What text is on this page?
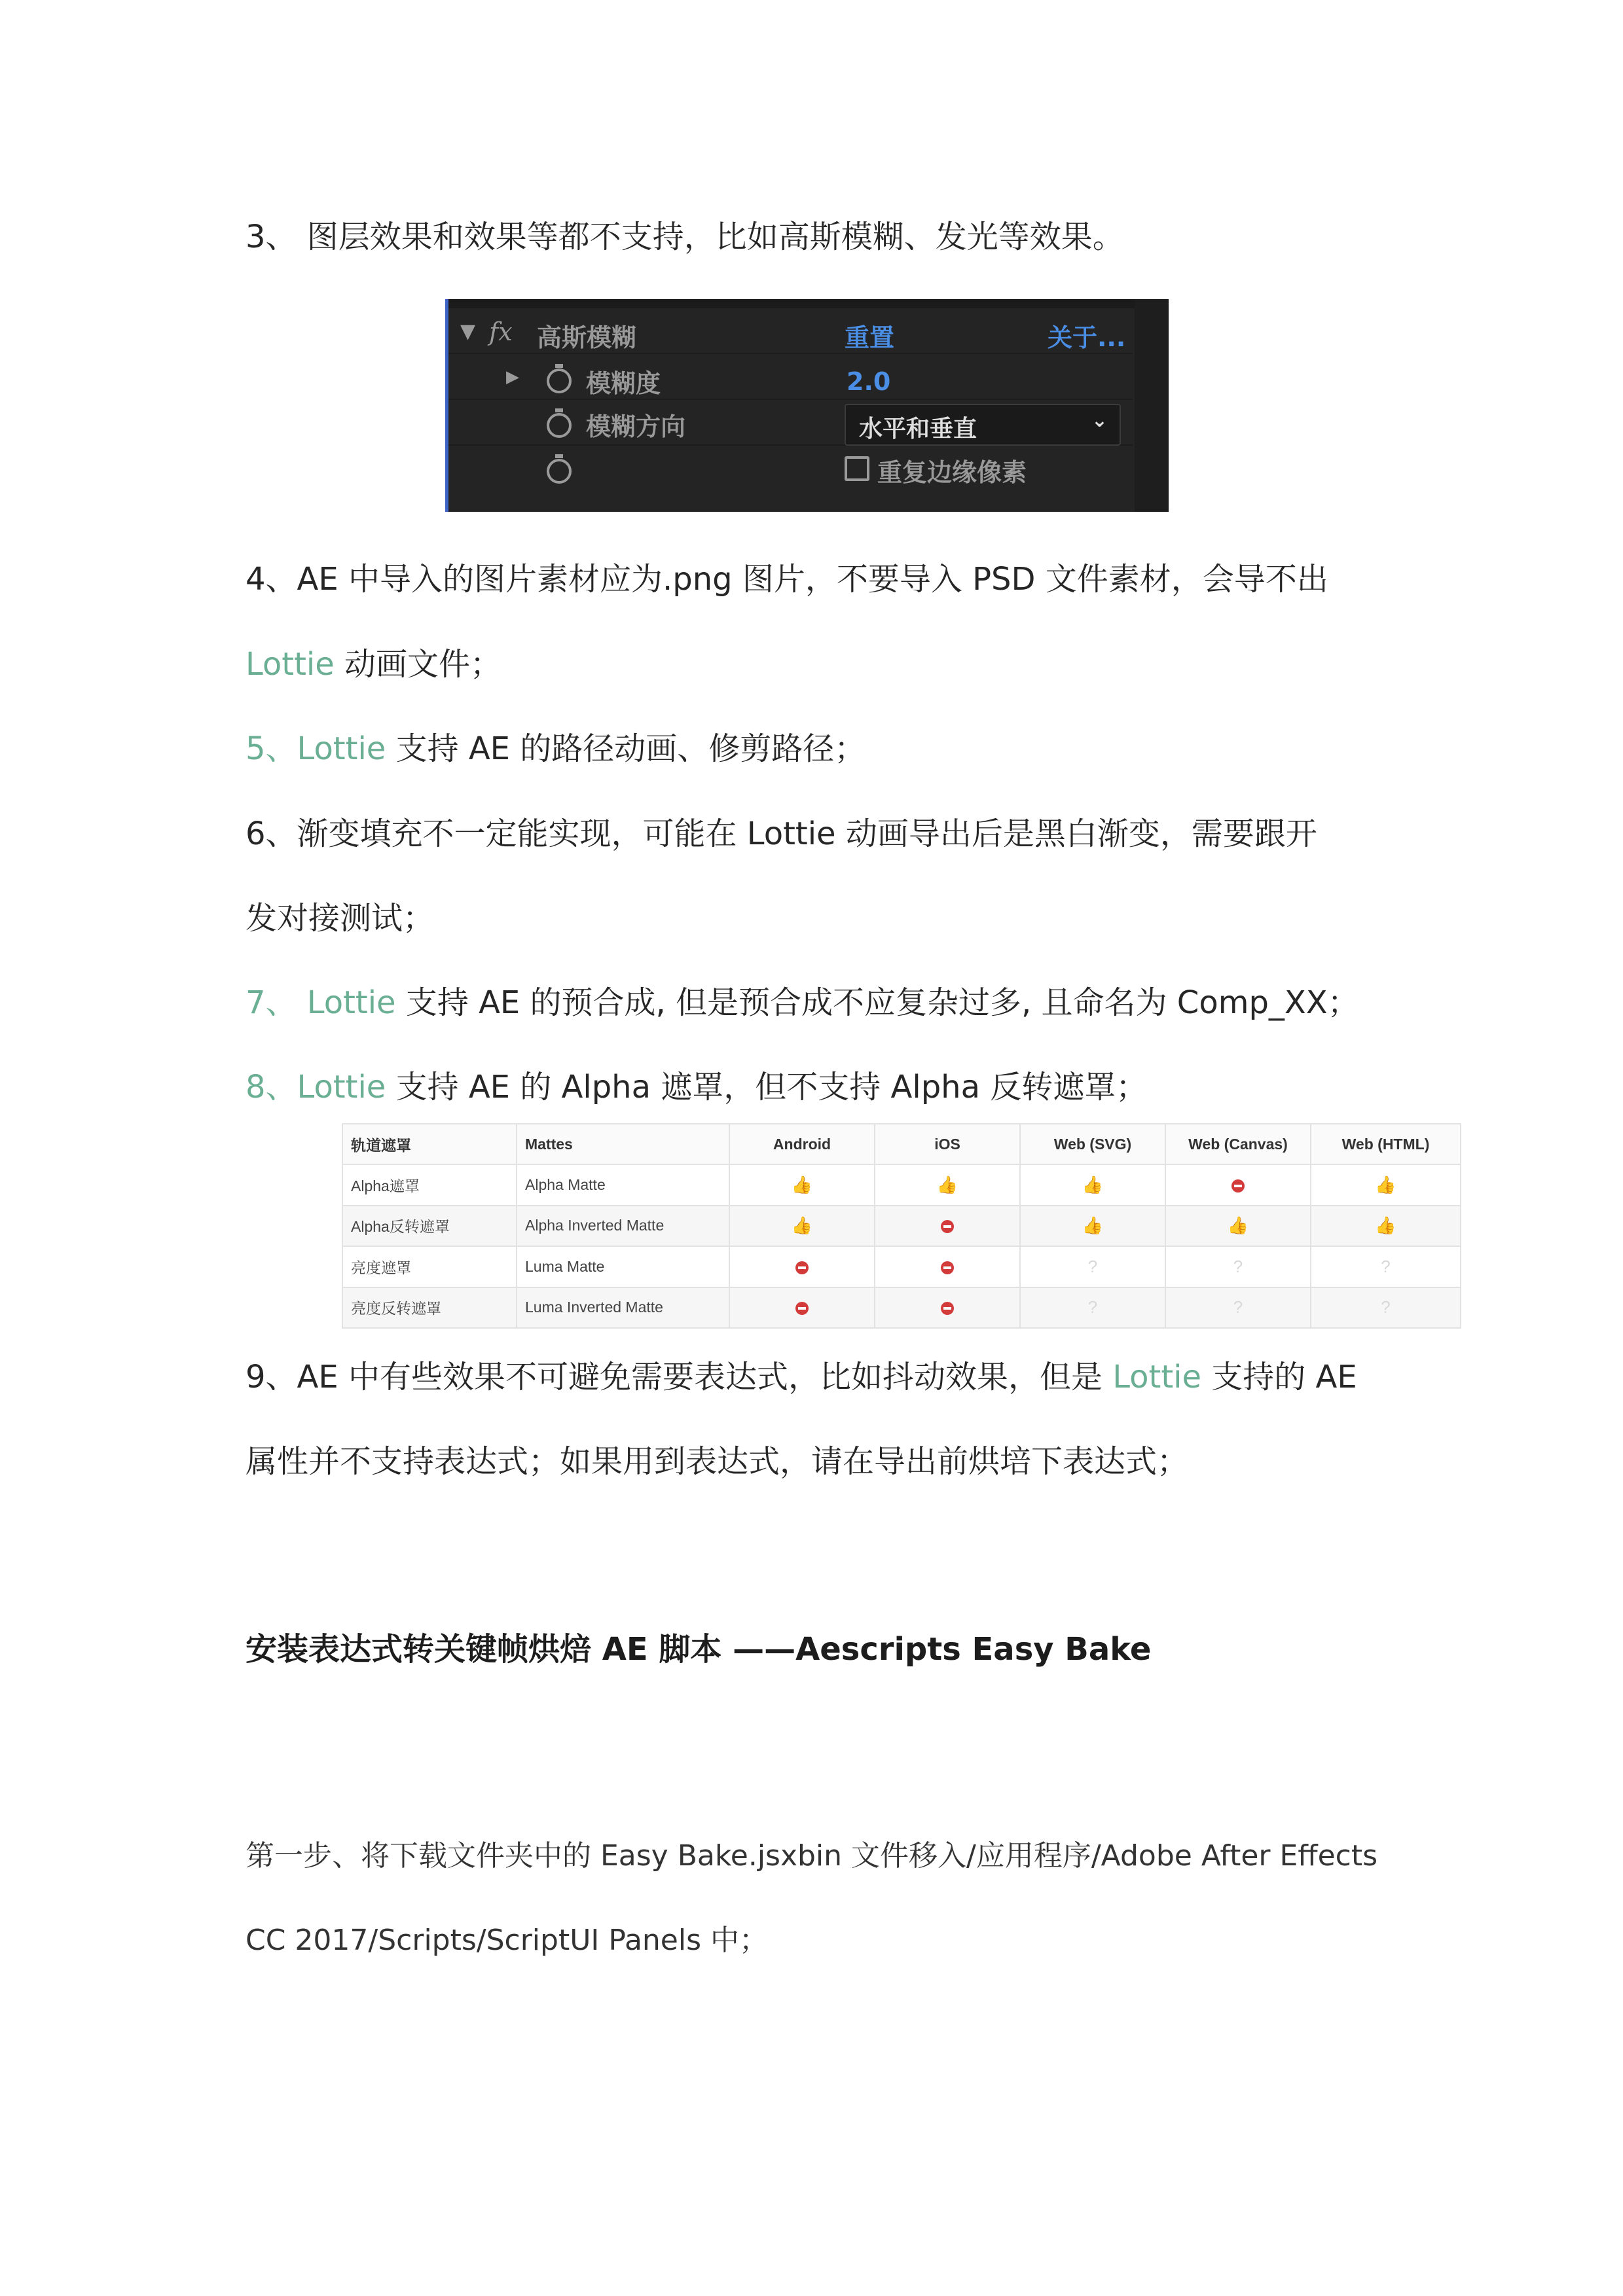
3、 图层效果和效果等都不支持，比如高斯模糊、发光等效果。
▼ fx 高斯模糊	重置	关于...
▶	模糊度	2.0
模糊方向	水平和垂直	⌄
重复边缘像素
4、AE 中导入的图片素材应为.png 图片，不要导入 PSD 文件素材，会导不出
Lottie 动画文件；
5、Lottie 支持 AE 的路径动画、修剪路径；
6、渐变填充不一定能实现，可能在 Lottie 动画导出后是黑白渐变，需要跟开
发对接测试；
7、 Lottie 支持 AE 的预合成, 但是预合成不应复杂过多, 且命名为 Comp_XX；
8、Lottie 支持 AE 的 Alpha 遮罩，但不支持 Alpha 反转遮罩；
轨道遮罩	Mattes	Android	iOS	Web (SVG)	Web (Canvas)	Web (HTML)
Alpha遮罩	Alpha Matte	👍	👍	👍		👍
Alpha反转遮罩	Alpha Inverted Matte	👍		👍	👍	👍
亮度遮罩	Luma Matte			?	?	?
亮度反转遮罩	Luma Inverted Matte			?	?	?
9、AE 中有些效果不可避免需要表达式，比如抖动效果，但是 Lottie 支持的 AE
属性并不支持表达式；如果用到表达式，请在导出前烘培下表达式；
安装表达式转关键帧烘焙 AE 脚本 ——Aescripts Easy Bake
第一步、将下载文件夹中的 Easy Bake.jsxbin 文件移入/应用程序/Adobe After Effects
CC 2017/Scripts/ScriptUI Panels 中；
